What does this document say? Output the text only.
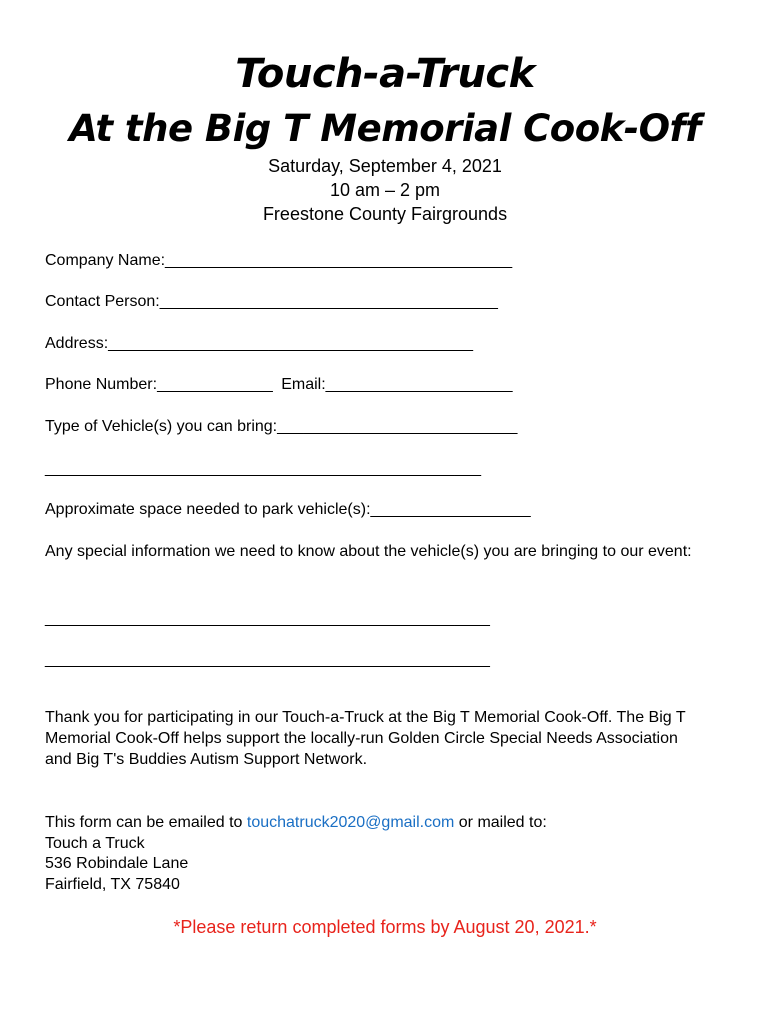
Touch-a-Truck
At the Big T Memorial Cook-Off
Saturday, September 4, 2021
10 am – 2 pm
Freestone County Fairgrounds
Company Name:_______________________________________
Contact Person:______________________________________
Address:_________________________________________
Phone Number:_____________ Email:_____________________
Type of Vehicle(s) you can bring:___________________________
_________________________________________________
Approximate space needed to park vehicle(s):__________________
Any special information we need to know about the vehicle(s) you are bringing to our event:
__________________________________________________
__________________________________________________
Thank you for participating in our Touch-a-Truck at the Big T Memorial Cook-Off. The Big T Memorial Cook-Off helps support the locally-run Golden Circle Special Needs Association and Big T's Buddies Autism Support Network.
This form can be emailed to touchatruck2020@gmail.com or mailed to:
Touch a Truck
536 Robindale Lane
Fairfield, TX 75840
*Please return completed forms by August 20, 2021.*
